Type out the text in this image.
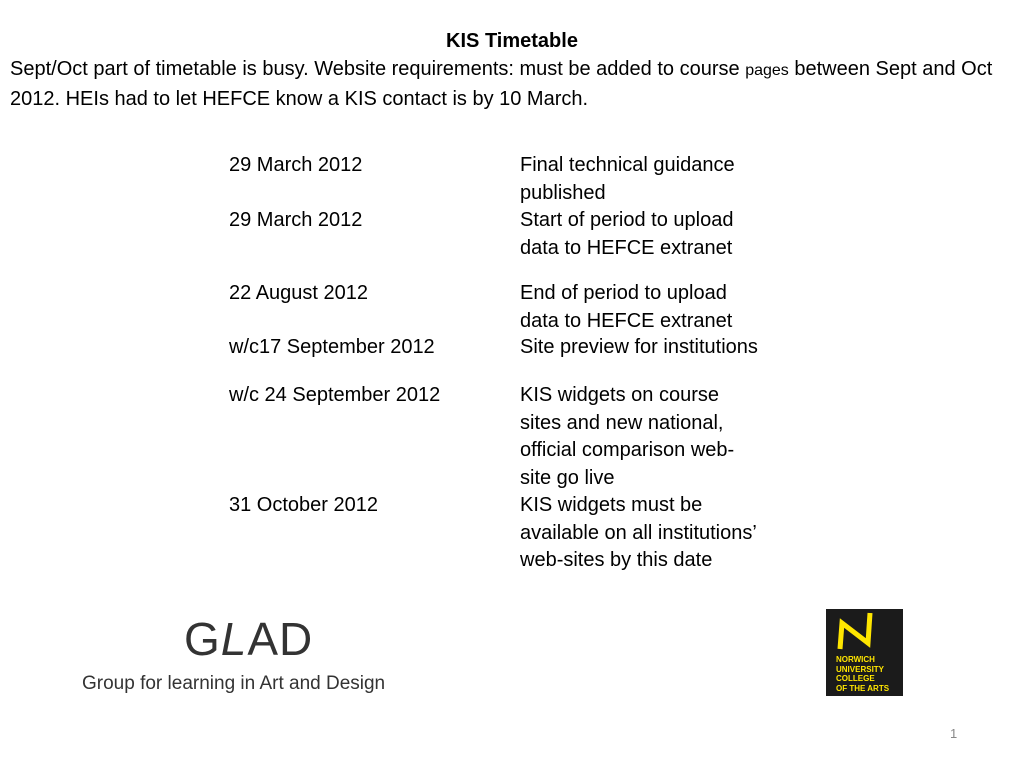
KIS Timetable
Sept/Oct part of timetable is busy. Website requirements: must be added to course pages between Sept and Oct 2012. HEIs had to let HEFCE know a KIS contact is by 10 March.
29 March 2012	Final technical guidance
published
29 March 2012	Start of period to upload
data to HEFCE extranet
22 August 2012	End of period to upload
data to HEFCE extranet
w/c17 September 2012	Site preview for institutions
w/c 24 September 2012	KIS widgets on course
sites and new national,
official comparison web-
site go live
31 October 2012	KIS widgets must be
available on all institutions’
web-sites by this date
GLAD
Group for learning in Art and Design
NORWICH
UNIVERSITY
COLLEGE
OF THE ARTS
1
